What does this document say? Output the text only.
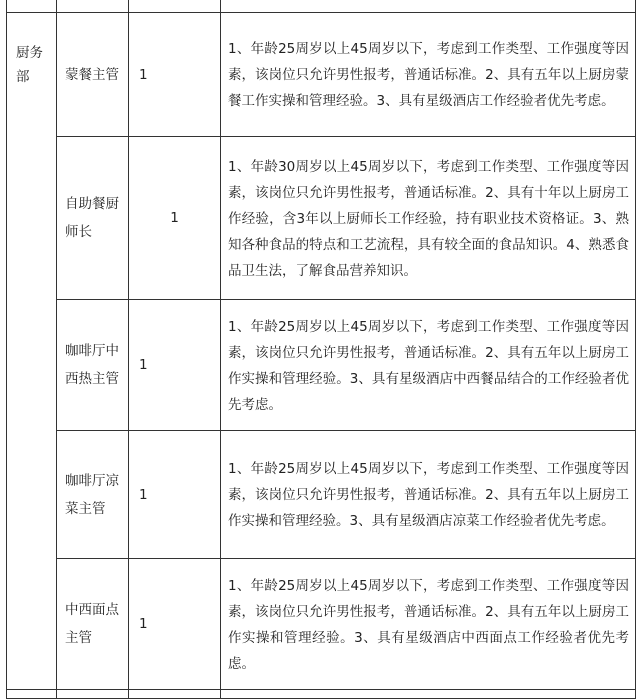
厨务部	蒙餐主管	1	1、年龄25周岁以上45周岁以下，考虑到工作类型、工作强度等因素，该岗位只允许男性报考，普通话标准。2、具有五年以上厨房蒙餐工作实操和管理经验。3、具有星级酒店工作经验者优先考虑。
	自助餐厨师长	1	1、年龄30周岁以上45周岁以下，考虑到工作类型、工作强度等因素，该岗位只允许男性报考，普通话标准。2、具有十年以上厨房工作经验，含3年以上厨师长工作经验，持有职业技术资格证。3、熟知各种食品的特点和工艺流程，具有较全面的食品知识。4、熟悉食品卫生法，了解食品营养知识。
	咖啡厅中西热主管	1	1、年龄25周岁以上45周岁以下，考虑到工作类型、工作强度等因素，该岗位只允许男性报考，普通话标准。2、具有五年以上厨房工作实操和管理经验。3、具有星级酒店中西餐品结合的工作经验者优先考虑。
	咖啡厅凉菜主管	1	1、年龄25周岁以上45周岁以下，考虑到工作类型、工作强度等因素，该岗位只允许男性报考，普通话标准。2、具有五年以上厨房工作实操和管理经验。3、具有星级酒店凉菜工作经验者优先考虑。
	中西面点主管	1	1、年龄25周岁以上45周岁以下，考虑到工作类型、工作强度等因素，该岗位只允许男性报考，普通话标准。2、具有五年以上厨房工作实操和管理经验。3、具有星级酒店中西面点工作经验者优先考虑。
